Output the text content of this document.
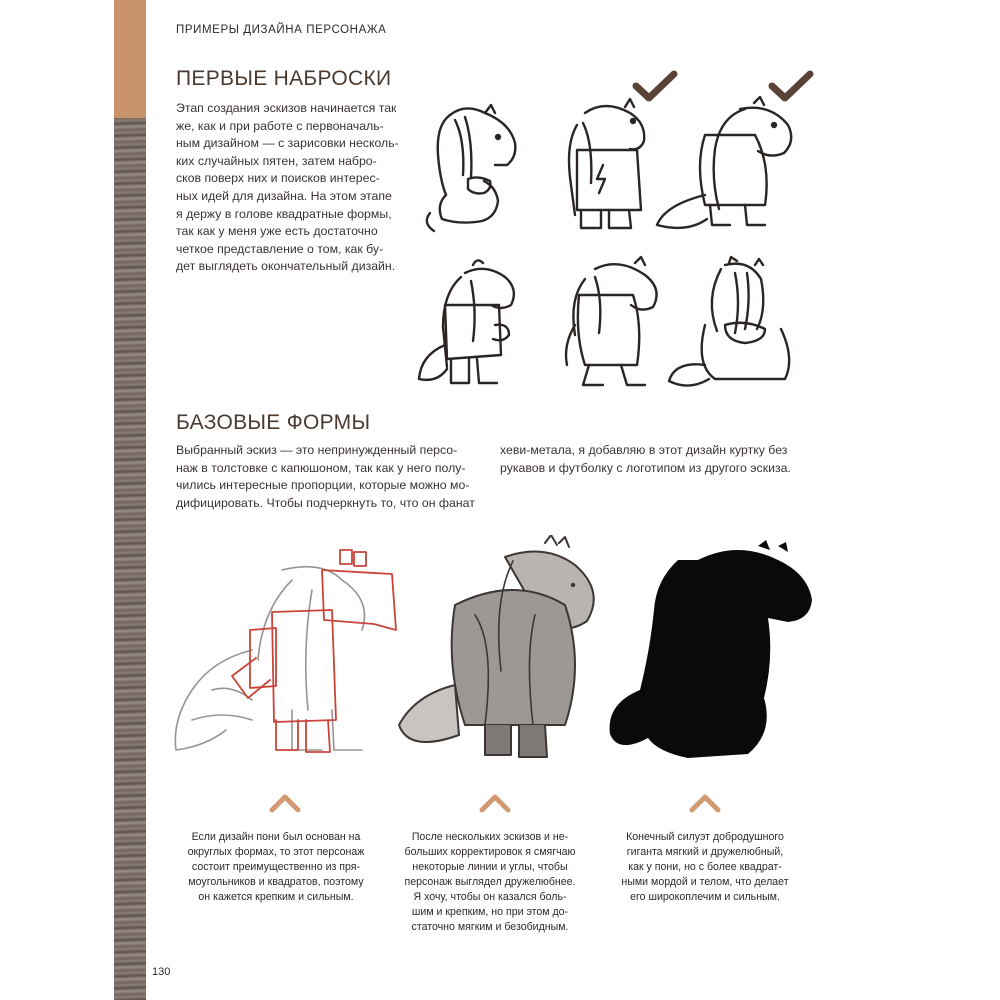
ПРИМЕРЫ ДИЗАЙНА ПЕРСОНАЖА
ПЕРВЫЕ НАБРОСКИ
Этап создания эскизов начинается так
же, как и при работе с первоначаль-
ным дизайном — с зарисовки несколь-
ких случайных пятен, затем набро-
сков поверх них и поисков интерес-
ных идей для дизайна. На этом этапе
я держу в голове квадратные формы,
так как у меня уже есть достаточно
четкое представление о том, как бу-
дет выглядеть окончательный дизайн.
БАЗОВЫЕ ФОРМЫ
Выбранный эскиз — это непринужденный персо-
наж в толстовке с капюшоном, так как у него полу-
чились интересные пропорции, которые можно мо-
дифицировать. Чтобы подчеркнуть то, что он фанат
хеви-метала, я добавляю в этот дизайн куртку без
рукавов и футболку с логотипом из другого эскиза.
Если дизайн пони был основан на
округлых формах, то этот персонаж
состоит преимущественно из пря-
моугольников и квадратов, поэтому
он кажется крепким и сильным.
После нескольких эскизов и не-
больших корректировок я смягчаю
некоторые линии и углы, чтобы
персонаж выглядел дружелюбнее.
Я хочу, чтобы он казался боль-
шим и крепким, но при этом до-
статочно мягким и безобидным.
Конечный силуэт добродушного
гиганта мягкий и дружелюбный,
как у пони, но с более квадрат-
ными мордой и телом, что делает
его широкоплечим и сильным.
130
